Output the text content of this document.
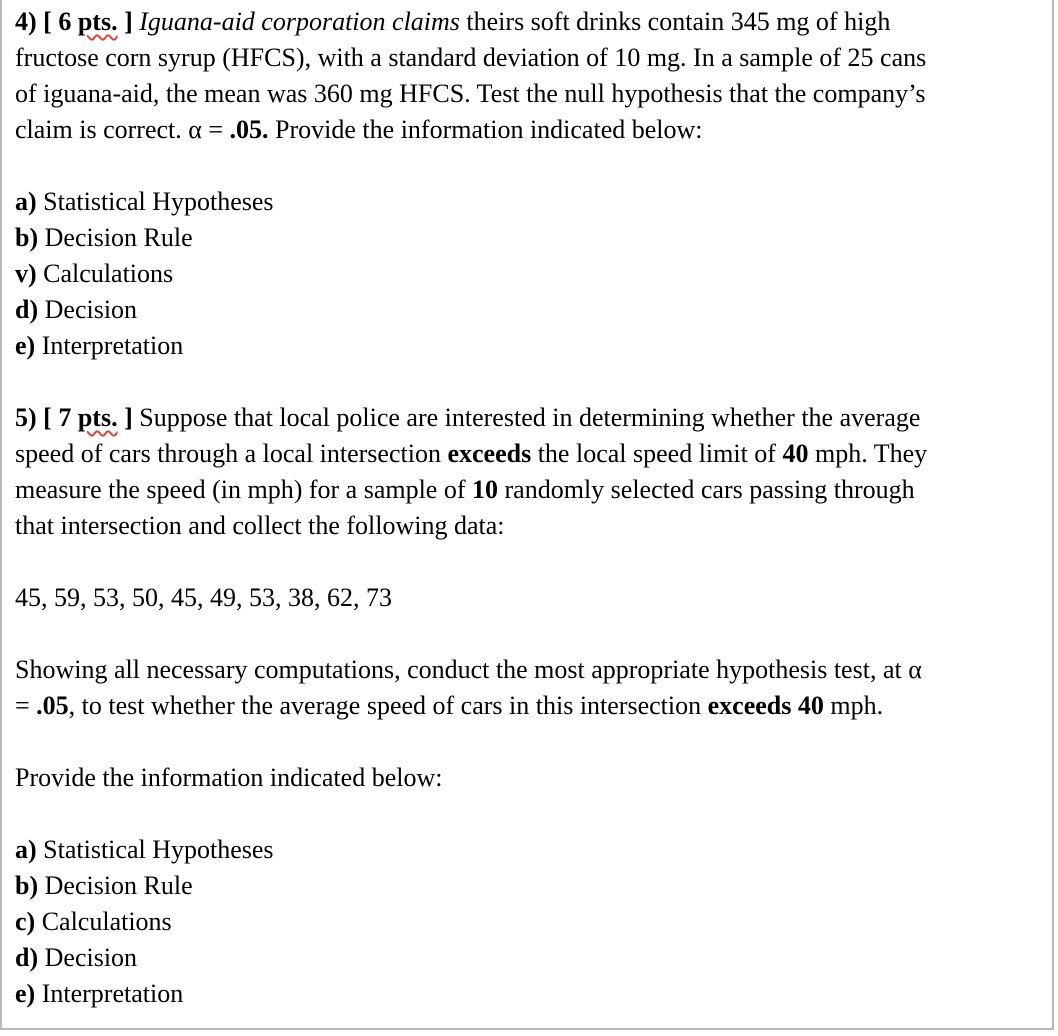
4) [ 6 pts. ] Iguana-aid corporation claims theirs soft drinks contain 345 mg of high

fructose corn syrup (HFCS), with a standard deviation of 10 mg. In a sample of 25 cans

of iguana-aid, the mean was 360 mg HFCS. Test the null hypothesis that the company’s

claim is correct. α = .05. Provide the information indicated below:

a) Statistical Hypotheses

b) Decision Rule

v) Calculations

d) Decision

e) Interpretation

5) [ 7 pts. ] Suppose that local police are interested in determining whether the average

speed of cars through a local intersection exceeds the local speed limit of 40 mph. They

measure the speed (in mph) for a sample of 10 randomly selected cars passing through

that intersection and collect the following data:

45, 59, 53, 50, 45, 49, 53, 38, 62, 73

Showing all necessary computations, conduct the most appropriate hypothesis test, at α

= .05, to test whether the average speed of cars in this intersection exceeds 40 mph.

Provide the information indicated below:

a) Statistical Hypotheses

b) Decision Rule

c) Calculations

d) Decision

e) Interpretation
